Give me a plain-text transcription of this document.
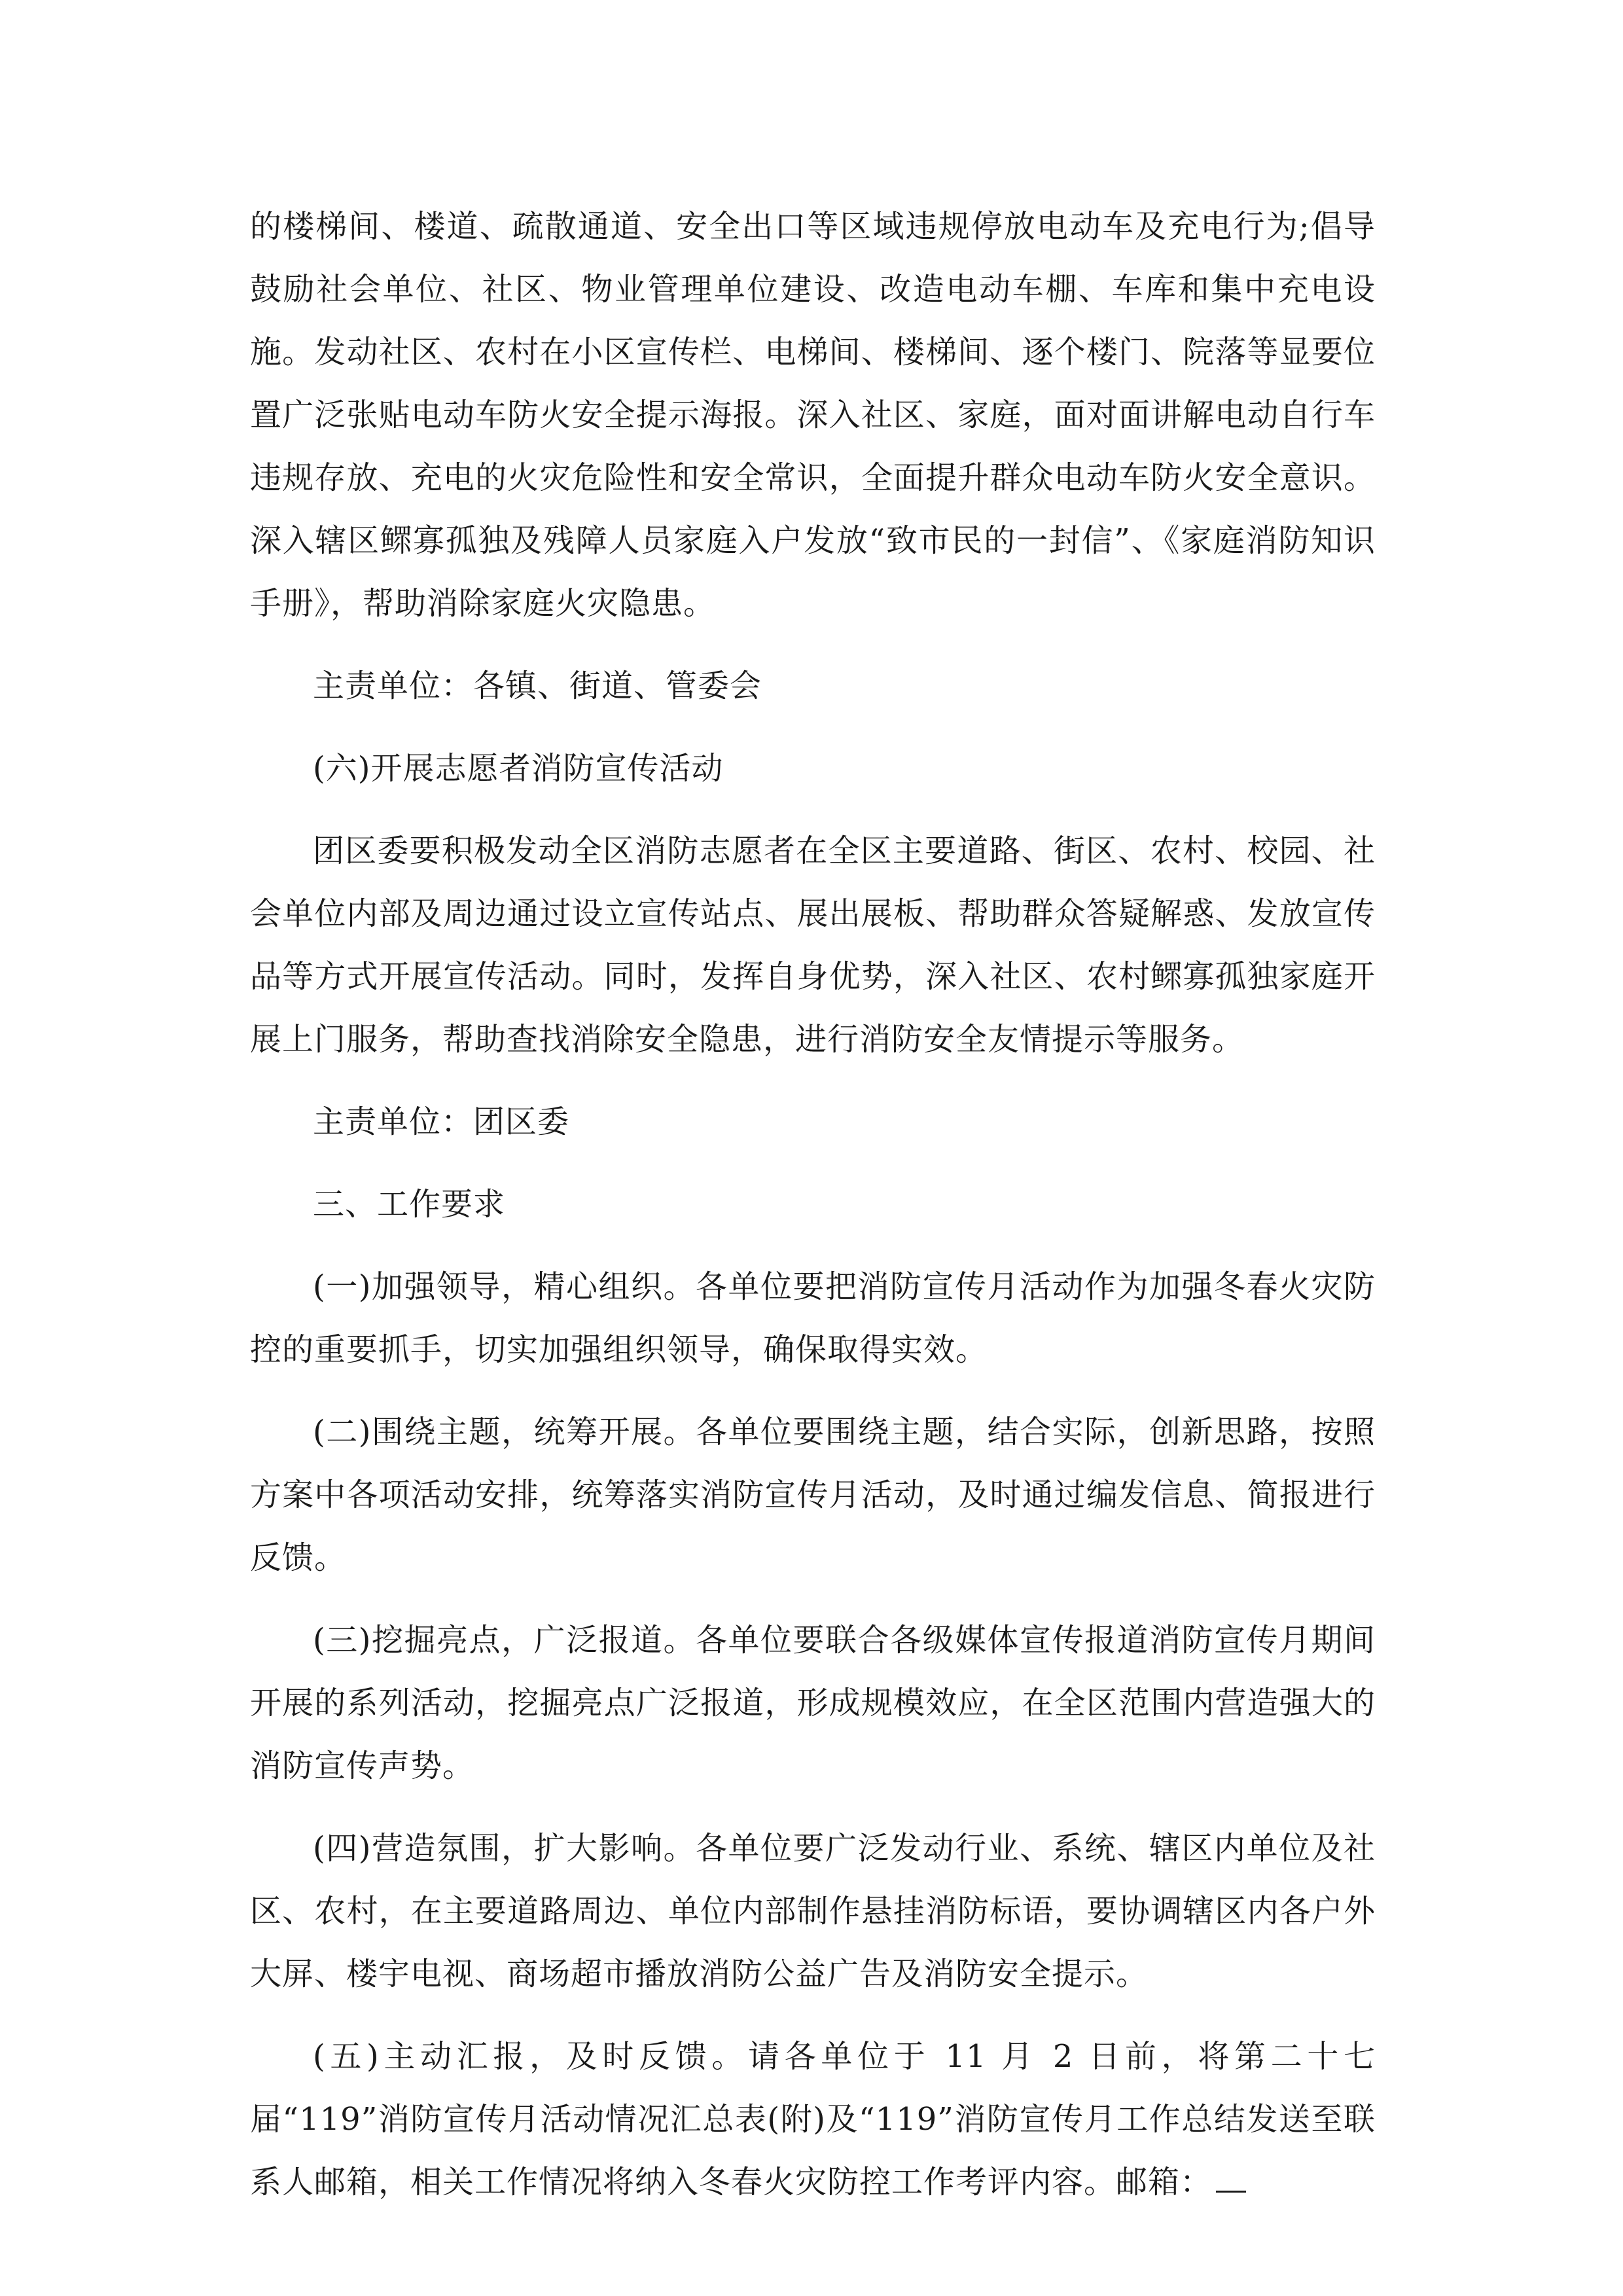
的楼梯间、楼道、疏散通道、安全出口等区域违规停放电动车及充电行为;倡导鼓励社会单位、社区、物业管理单位建设、改造电动车棚、车库和集中充电设施。发动社区、农村在小区宣传栏、电梯间、楼梯间、逐个楼门、院落等显要位置广泛张贴电动车防火安全提示海报。深入社区、家庭，面对面讲解电动自行车违规存放、充电的火灾危险性和安全常识，全面提升群众电动车防火安全意识。深入辖区鳏寡孤独及残障人员家庭入户发放“致市民的一封信”、《家庭消防知识手册》，帮助消除家庭火灾隐患。

主责单位：各镇、街道、管委会

(六)开展志愿者消防宣传活动

团区委要积极发动全区消防志愿者在全区主要道路、街区、农村、校园、社会单位内部及周边通过设立宣传站点、展出展板、帮助群众答疑解惑、发放宣传品等方式开展宣传活动。同时，发挥自身优势，深入社区、农村鳏寡孤独家庭开展上门服务，帮助查找消除安全隐患，进行消防安全友情提示等服务。

主责单位：团区委

三、工作要求

(一)加强领导，精心组织。各单位要把消防宣传月活动作为加强冬春火灾防控的重要抓手，切实加强组织领导，确保取得实效。

(二)围绕主题，统筹开展。各单位要围绕主题，结合实际，创新思路，按照方案中各项活动安排，统筹落实消防宣传月活动，及时通过编发信息、简报进行反馈。

(三)挖掘亮点，广泛报道。各单位要联合各级媒体宣传报道消防宣传月期间开展的系列活动，挖掘亮点广泛报道，形成规模效应，在全区范围内营造强大的消防宣传声势。

(四)营造氛围，扩大影响。各单位要广泛发动行业、系统、辖区内单位及社区、农村，在主要道路周边、单位内部制作悬挂消防标语，要协调辖区内各户外大屏、楼宇电视、商场超市播放消防公益广告及消防安全提示。

(五)主动汇报，及时反馈。请各单位于 11 月 2 日前，将第二十七届“119”消防宣传月活动情况汇总表(附)及“119”消防宣传月工作总结发送至联系人邮箱，相关工作情况将纳入冬春火灾防控工作考评内容。邮箱：
